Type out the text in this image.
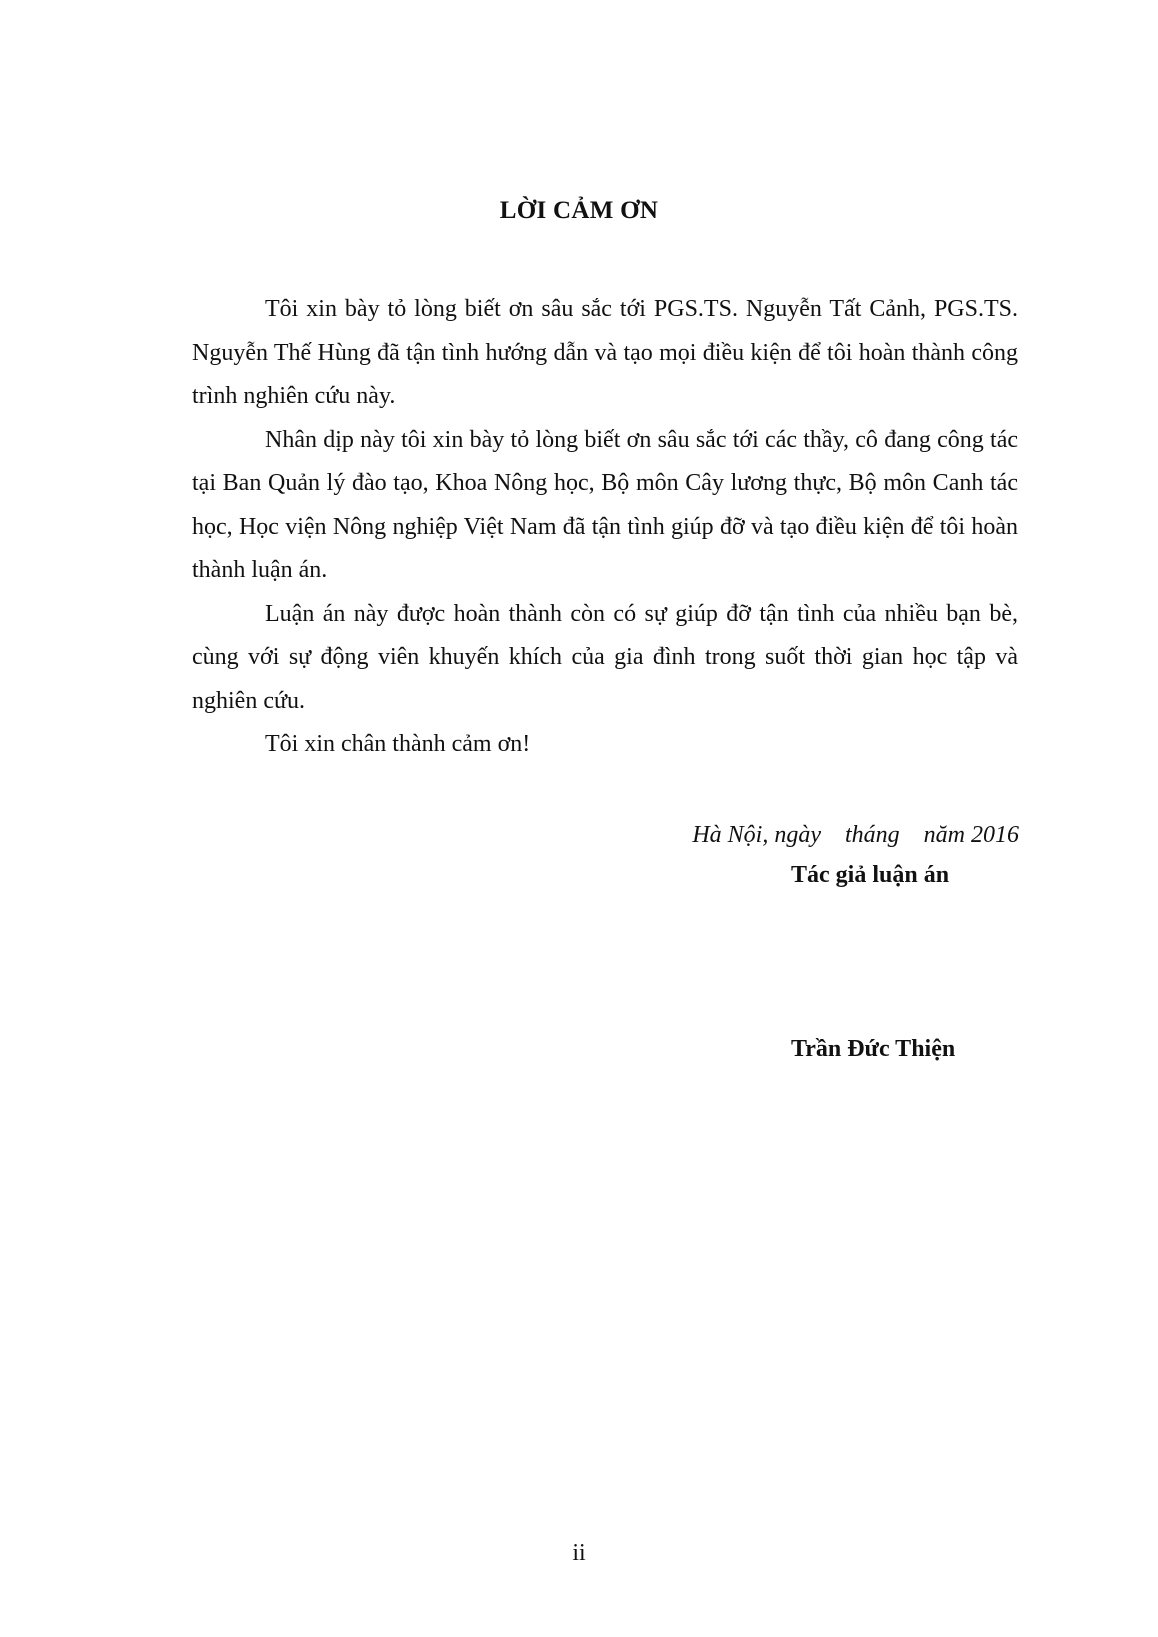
LỜI CẢM ƠN

Tôi xin bày tỏ lòng biết ơn sâu sắc tới PGS.TS. Nguyễn Tất Cảnh, PGS.TS. Nguyễn Thế Hùng đã tận tình hướng dẫn và tạo mọi điều kiện để tôi hoàn thành công trình nghiên cứu này.

Nhân dịp này tôi xin bày tỏ lòng biết ơn sâu sắc tới các thầy, cô đang công tác tại Ban Quản lý đào tạo, Khoa Nông học, Bộ môn Cây lương thực, Bộ môn Canh tác học, Học viện Nông nghiệp Việt Nam đã tận tình giúp đỡ và tạo điều kiện để tôi hoàn thành luận án.

Luận án này được hoàn thành còn có sự giúp đỡ tận tình của nhiều bạn bè, cùng với sự động viên khuyến khích của gia đình trong suốt thời gian học tập và nghiên cứu.

Tôi xin chân thành cảm ơn!

Hà Nội, ngày    tháng    năm 2016
Tác giả luận án
Trần Đức Thiện
ii
